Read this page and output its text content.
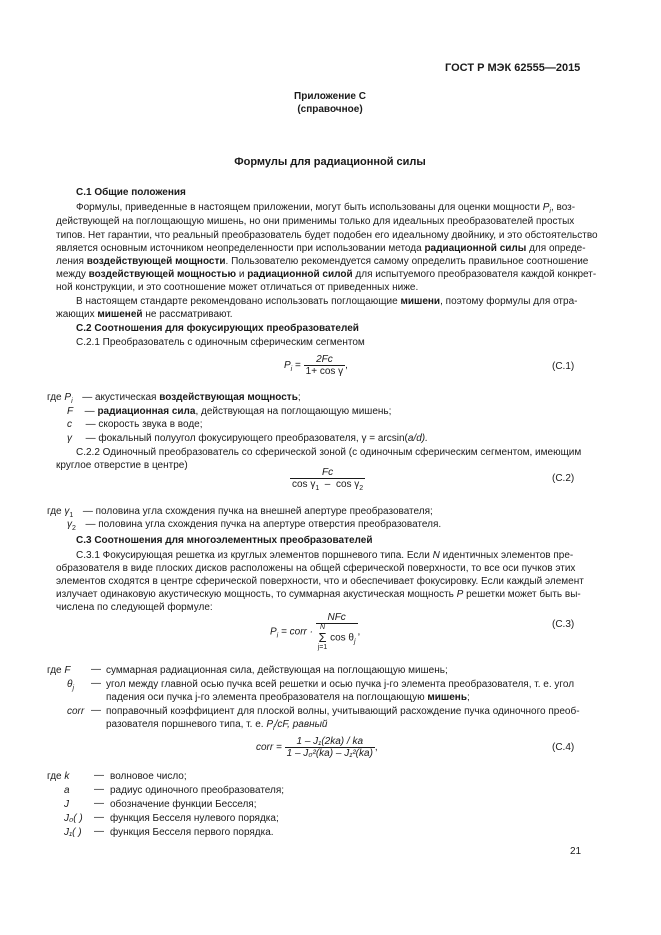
ГОСТ Р МЭК 62555—2015
Приложение С
(справочное)
Формулы для радиационной силы
С.1 Общие положения
Формулы, приведенные в настоящем приложении, могут быть использованы для оценки мощности $P_i$, воз-
действующей на поглощающую мишень, но они применимы только для идеальных преобразователей простых
типов. Нет гарантии, что реальный преобразователь будет подобен его идеальному двойнику, и это обстоятельство
является основным источником неопределенности при использовании метода радиационной силы для опреде-
ления воздействующей мощности. Пользователю рекомендуется самому определить правильное соотношение
между воздействующей мощностью и радиационной силой для испытуемого преобразователя каждой конкрет-
ной конструкции, и это соотношение может отличаться от приведенных ниже.
В настоящем стандарте рекомендовано использовать поглощающие мишени, поэтому формулы для отра-
жающих мишеней не рассматривают.
С.2 Соотношения для фокусирующих преобразователей
С.2.1 Преобразователь с одиночным сферическим сегментом
$P_i = \frac{2Fc}{\text{1+ cos γ}}$ ,	(С.1)
где $P_i$ — акустическая воздействующая мощность;
F — радиационная сила, действующая на поглощающую мишень;
c — скорость звука в воде;
γ — фокальный полуугол фокусирующего преобразователя, γ = arcsin(a/d).
С.2.2 Одиночный преобразователь со сферической зоной (с одиночным сферическим сегментом, имеющим
круглое отверстие в центре)
$\frac{Fc}{\cos \gamma_1 - \cos \gamma_2}$	(С.2)
где $\gamma_1$ — половина угла схождения пучка на внешней апертуре преобразователя;
$\gamma_2$ — половина угла схождения пучка на апертуре отверстия преобразователя.
С.3 Соотношения для многоэлементных преобразователей
С.3.1 Фокусирующая решетка из круглых элементов поршневого типа. Если N идентичных элементов пре-
образователя в виде плоских дисков расположены на общей сферической поверхности, то все оси пучков этих
элементов сходятся в центре сферической поверхности, что и обеспечивает фокусировку. Если каждый элемент
излучает одинаковую акустическую мощность, то суммарная акустическая мощность P решетки может быть вы-
числена по следующей формуле:
$P_i$ = corr · NFc
N
Σ
j=1
$\cos \theta_j$ ,
(С.3)
где F — суммарная радиационная сила, действующая на поглощающую мишень;
$\theta_j$ — угол между главной осью пучка всей решетки и осью пучка j-го элемента преобразователя, т. е. угол
падения оси пучка j-го элемента преобразователя на поглощающую мишень;
corr — поправочный коэффициент для плоской волны, учитывающий расхождение пучка одиночного преоб-
разователя поршневого типа, т. е. $P_i/cF$, равный
corr = $\frac{\text{1 – J₁(2ka) / ka}}{\text{1 – J₀²(ka) – J₁²(ka)}}$ ,	(С.4)
где k — волновое число;
a — радиус одиночного преобразователя;
J	— обозначение функции Бесселя;
J₀( ) — функция Бесселя нулевого порядка;
J₁( ) — функция Бесселя первого порядка.
21
